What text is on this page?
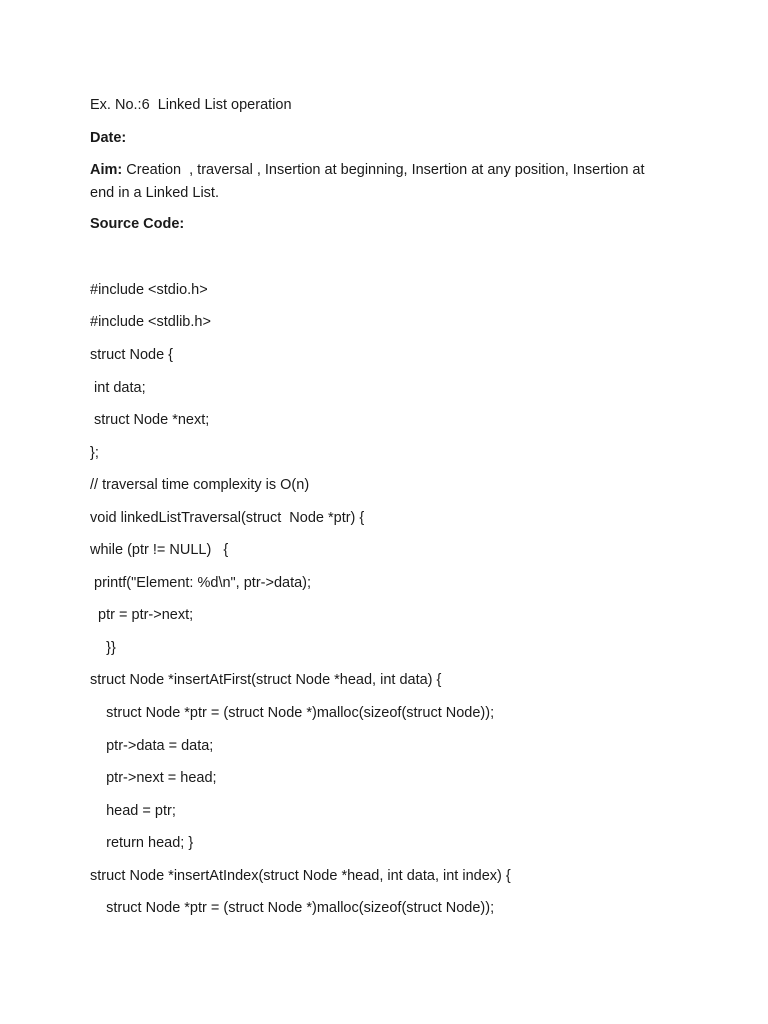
Ex. No.:6  Linked List operation
Date:
Aim: Creation  , traversal , Insertion at beginning, Insertion at any position, Insertion at
end in a Linked List.
Source Code:
#include <stdio.h>
#include <stdlib.h>
struct Node {
int data;
struct Node *next;
};
// traversal time complexity is O(n)
void linkedListTraversal(struct  Node *ptr) {
while (ptr != NULL)   {
printf("Element: %d\n", ptr->data);
ptr = ptr->next;
}}
struct Node *insertAtFirst(struct Node *head, int data) {
struct Node *ptr = (struct Node *)malloc(sizeof(struct Node));
ptr->data = data;
ptr->next = head;
head = ptr;
return head; }
struct Node *insertAtIndex(struct Node *head, int data, int index) {
struct Node *ptr = (struct Node *)malloc(sizeof(struct Node));
